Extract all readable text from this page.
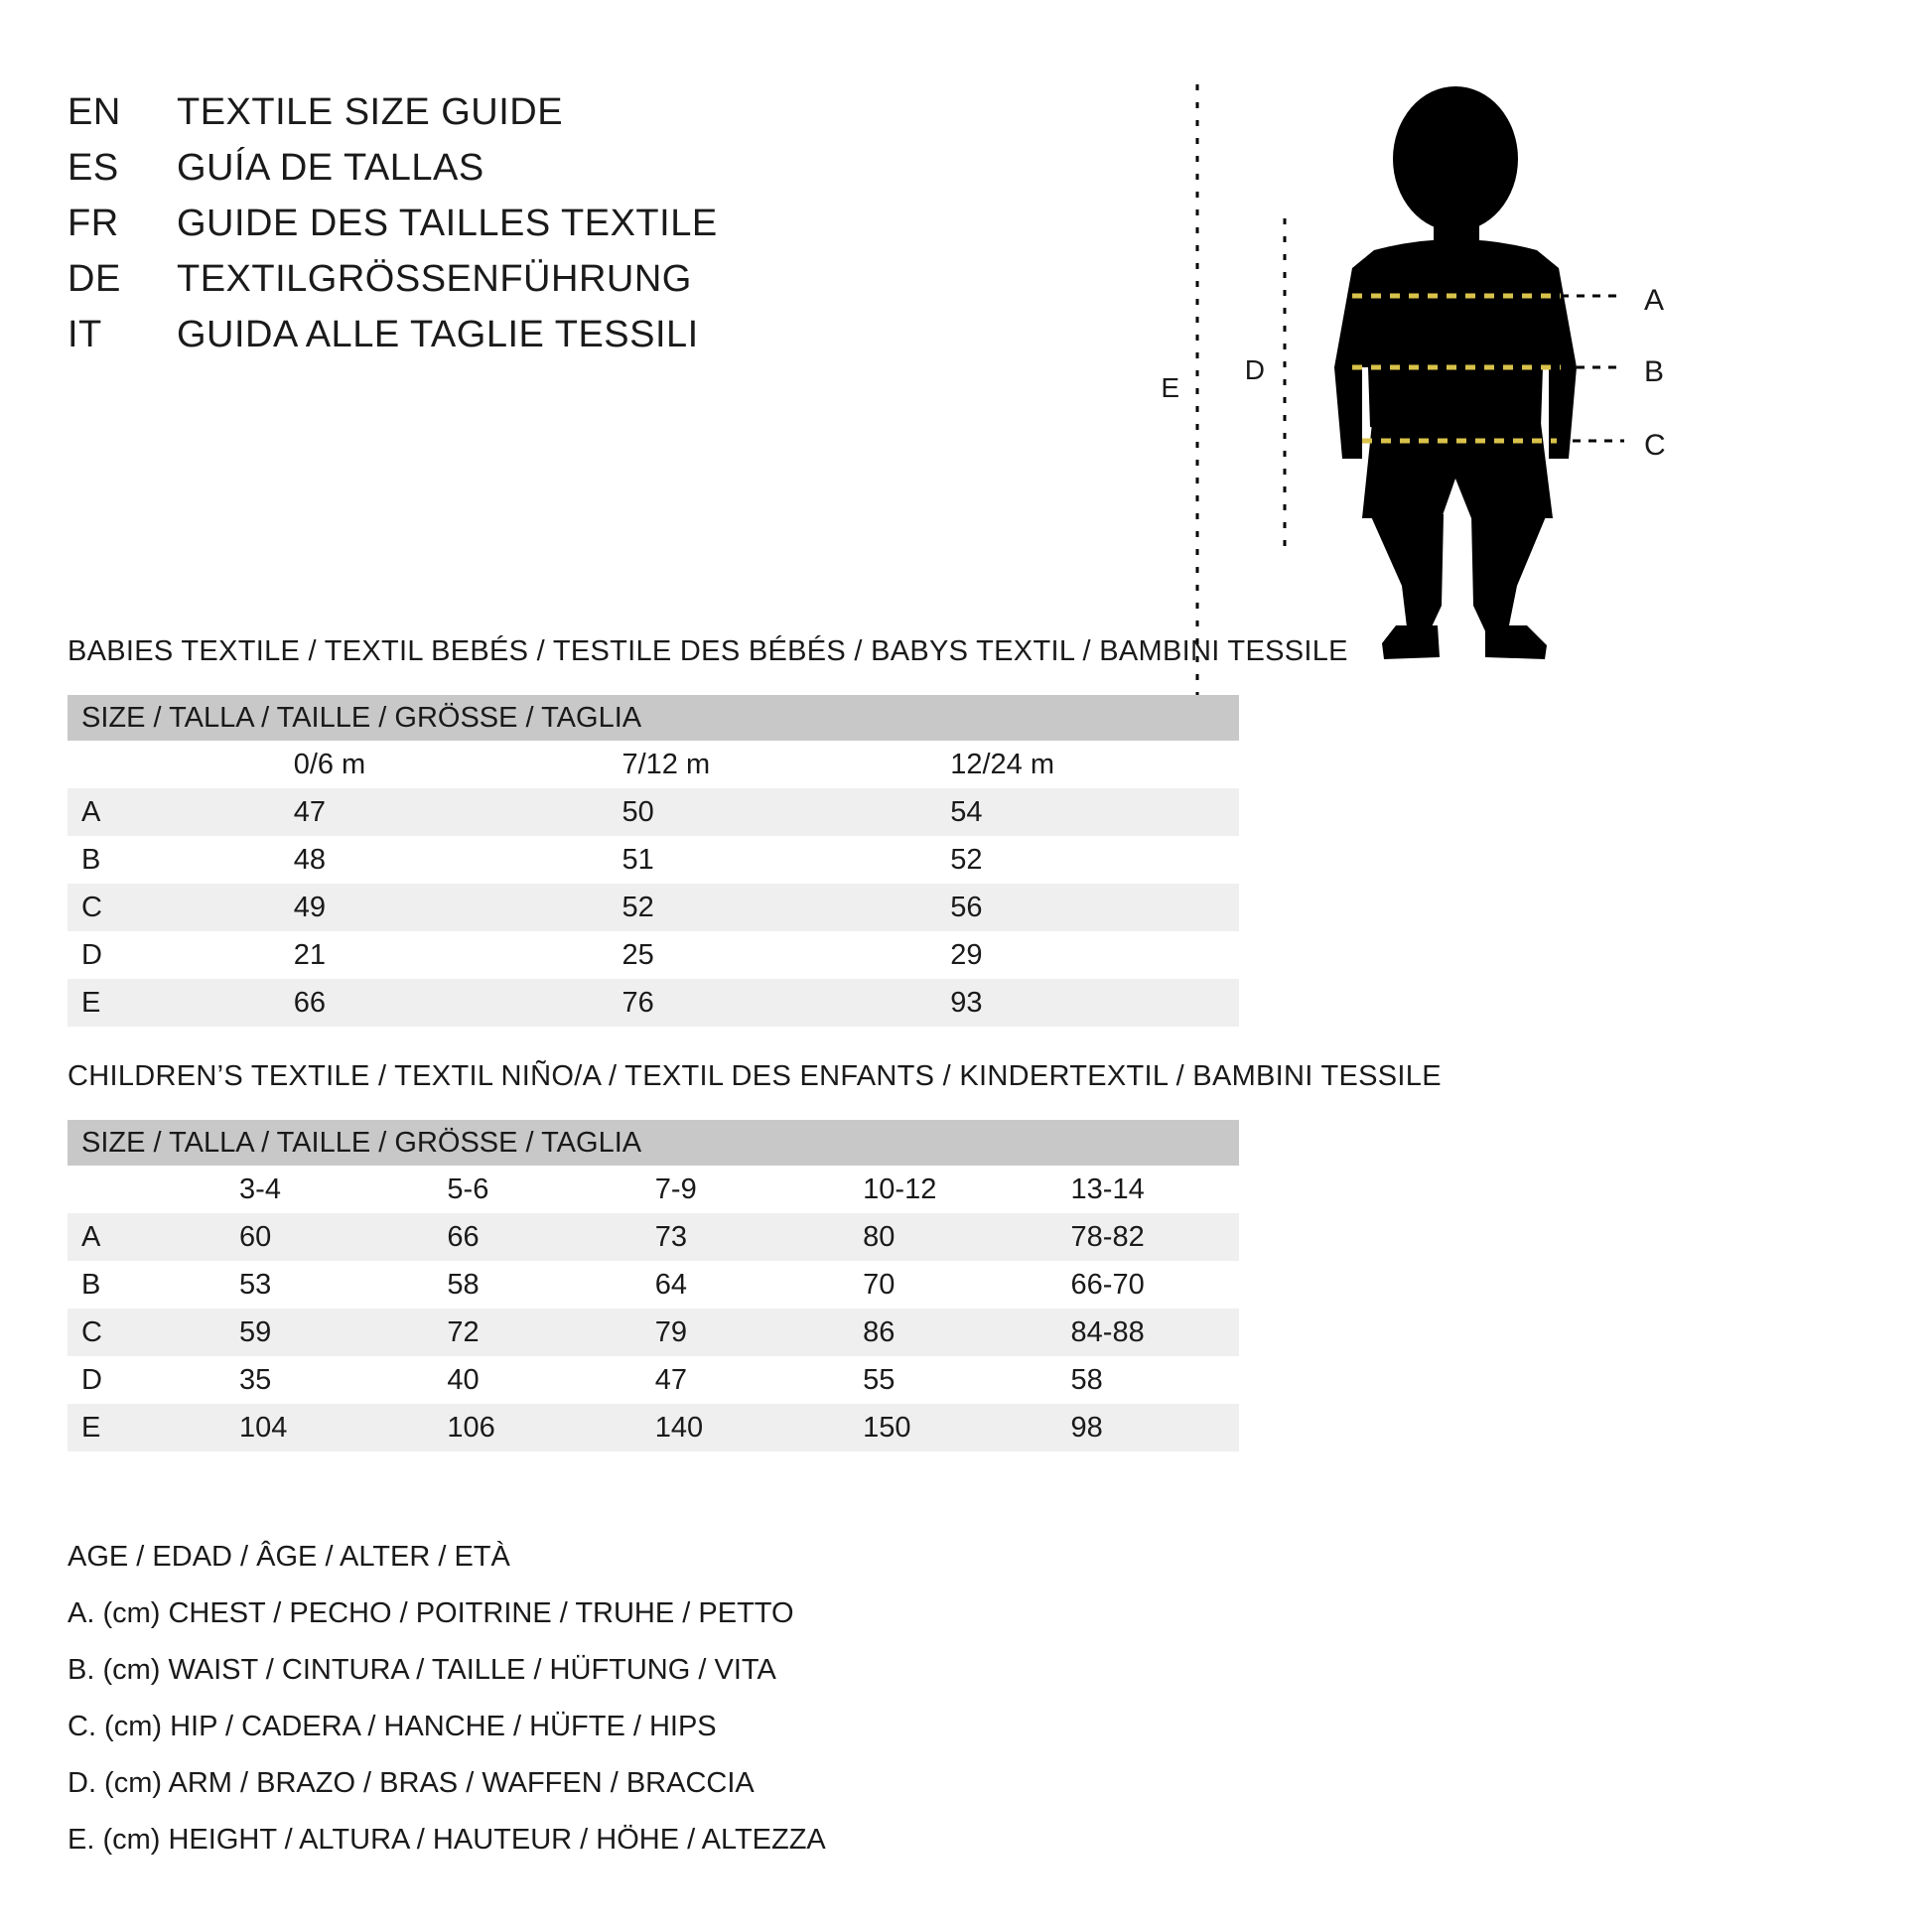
EN	TEXTILE SIZE GUIDE
ES	GUÍA DE TALLAS
FR	GUIDE DES TAILLES TEXTILE
DE	TEXTILGRÖSSENFÜHRUNG
IT	GUIDA ALLE TAGLIE TESSILI
A
B
C
D
E
BABIES TEXTILE / TEXTIL BEBÉS / TESTILE DES BÉBÉS / BABYS TEXTIL / BAMBINI TESSILE
SIZE / TALLA / TAILLE / GRÖSSE / TAGLIA			

	0/6 m	7/12 m	12/24 m

A	47	50	54

B	48	51	52

C	49	52	56

D	21	25	29

E	66	76	93
CHILDREN’S TEXTILE / TEXTIL NIÑO/A / TEXTIL DES ENFANTS / KINDERTEXTIL / BAMBINI TESSILE
SIZE / TALLA / TAILLE / GRÖSSE / TAGLIA					

	3-4	5-6	7-9	10-12	13-14

A	60	66	73	80	78-82

B	53	58	64	70	66-70

C	59	72	79	86	84-88

D	35	40	47	55	58

E	104	106	140	150	98
AGE / EDAD / ÂGE / ALTER / ETÀ
A. (cm) CHEST / PECHO / POITRINE / TRUHE / PETTO
B. (cm) WAIST / CINTURA / TAILLE / HÜFTUNG / VITA
C. (cm) HIP / CADERA / HANCHE / HÜFTE / HIPS
D. (cm) ARM / BRAZO / BRAS / WAFFEN / BRACCIA
E. (cm) HEIGHT / ALTURA / HAUTEUR / HÖHE / ALTEZZA
